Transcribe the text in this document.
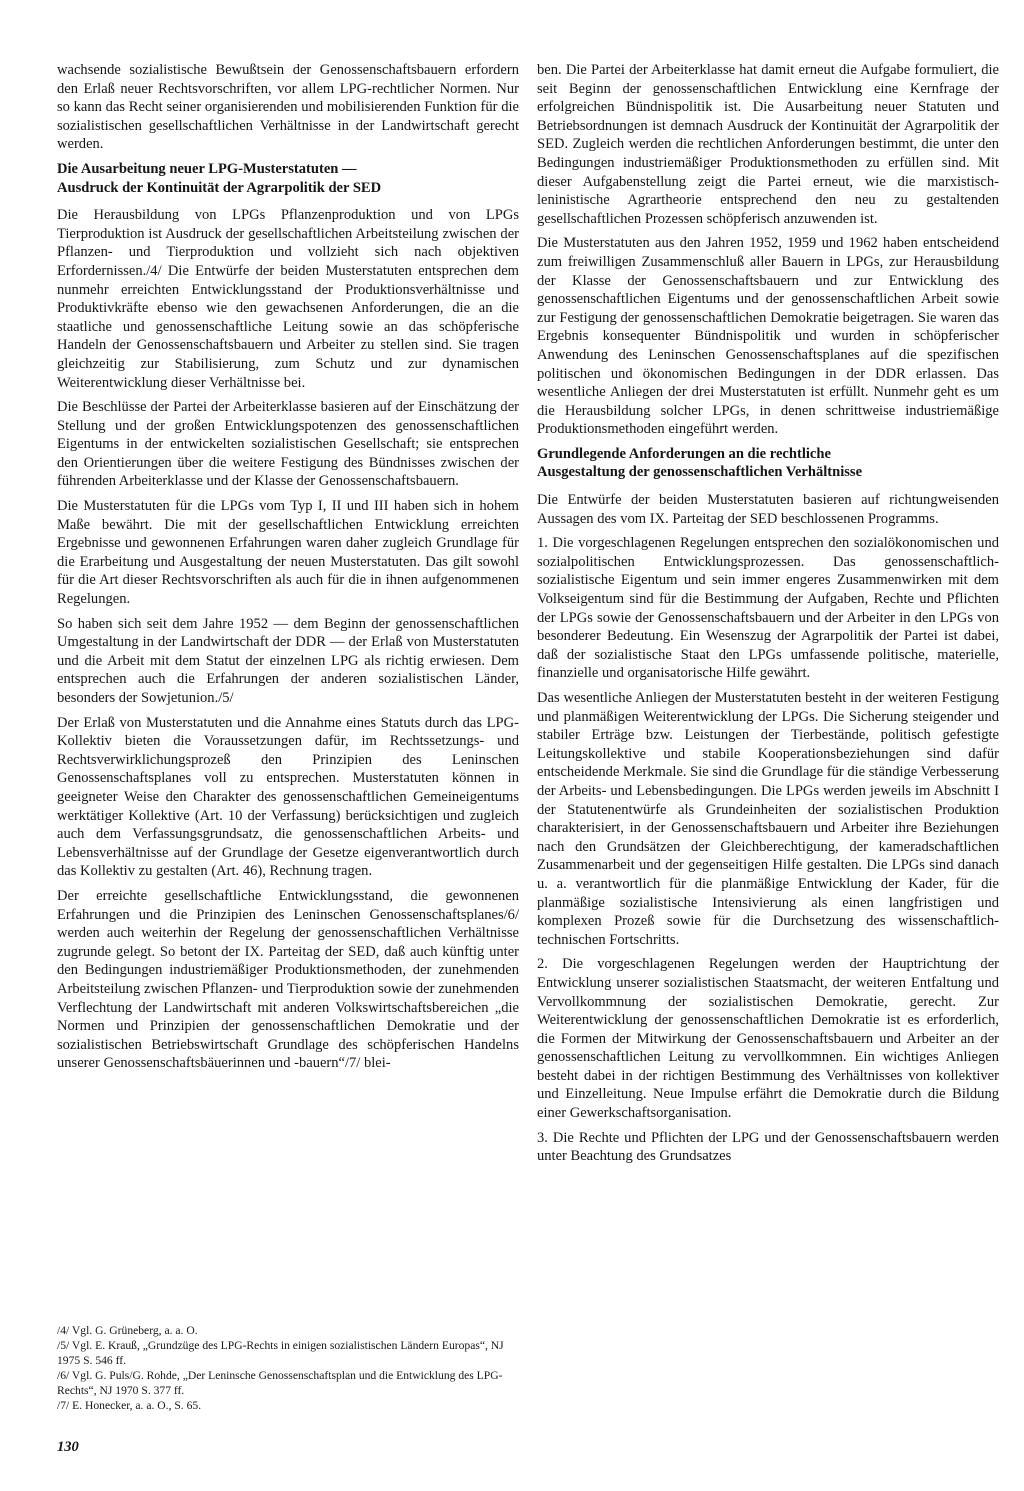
wachsende sozialistische Bewußtsein der Genossenschaftsbauern erfordern den Erlaß neuer Rechtsvorschriften, vor allem LPG-rechtlicher Normen. Nur so kann das Recht seiner organisierenden und mobilisierenden Funktion für die sozialistischen gesellschaftlichen Verhältnisse in der Landwirtschaft gerecht werden.

Die Ausarbeitung neuer LPG-Musterstatuten —
Ausdruck der Kontinuität der Agrarpolitik der SED

Die Herausbildung von LPGs Pflanzenproduktion und von LPGs Tierproduktion ist Ausdruck der gesellschaftlichen Arbeitsteilung zwischen der Pflanzen- und Tierproduktion und vollzieht sich nach objektiven Erfordernissen./4/ Die Entwürfe der beiden Musterstatuten entsprechen dem nunmehr erreichten Entwicklungsstand der Produktionsverhältnisse und Produktivkräfte ebenso wie den gewachsenen Anforderungen, die an die staatliche und genossenschaftliche Leitung sowie an das schöpferische Handeln der Genossenschaftsbauern und Arbeiter zu stellen sind. Sie tragen gleichzeitig zur Stabilisierung, zum Schutz und zur dynamischen Weiterentwicklung dieser Verhältnisse bei.

Die Beschlüsse der Partei der Arbeiterklasse basieren auf der Einschätzung der Stellung und der großen Entwicklungspotenzen des genossenschaftlichen Eigentums in der entwickelten sozialistischen Gesellschaft; sie entsprechen den Orientierungen über die weitere Festigung des Bündnisses zwischen der führenden Arbeiterklasse und der Klasse der Genossenschaftsbauern.

Die Musterstatuten für die LPGs vom Typ I, II und III haben sich in hohem Maße bewährt. Die mit der gesellschaftlichen Entwicklung erreichten Ergebnisse und gewonnenen Erfahrungen waren daher zugleich Grundlage für die Erarbeitung und Ausgestaltung der neuen Musterstatuten. Das gilt sowohl für die Art dieser Rechtsvorschriften als auch für die in ihnen aufgenommenen Regelungen.

So haben sich seit dem Jahre 1952 — dem Beginn der genossenschaftlichen Umgestaltung in der Landwirtschaft der DDR — der Erlaß von Musterstatuten und die Arbeit mit dem Statut der einzelnen LPG als richtig erwiesen. Dem entsprechen auch die Erfahrungen der anderen sozialistischen Länder, besonders der Sowjetunion./5/

Der Erlaß von Musterstatuten und die Annahme eines Statuts durch das LPG-Kollektiv bieten die Voraussetzungen dafür, im Rechtssetzungs- und Rechtsverwirklichungsprozeß den Prinzipien des Leninschen Genossenschaftsplanes voll zu entsprechen. Musterstatuten können in geeigneter Weise den Charakter des genossenschaftlichen Gemeineigentums werktätiger Kollektive (Art. 10 der Verfassung) berücksichtigen und zugleich auch dem Verfassungsgrundsatz, die genossenschaftlichen Arbeits- und Lebensverhältnisse auf der Grundlage der Gesetze eigenverantwortlich durch das Kollektiv zu gestalten (Art. 46), Rechnung tragen.

Der erreichte gesellschaftliche Entwicklungsstand, die gewonnenen Erfahrungen und die Prinzipien des Leninschen Genossenschaftsplanes/6/ werden auch weiterhin der Regelung der genossenschaftlichen Verhältnisse zugrunde gelegt. So betont der IX. Parteitag der SED, daß auch künftig unter den Bedingungen industriemäßiger Produktionsmethoden, der zunehmenden Arbeitsteilung zwischen Pflanzen- und Tierproduktion sowie der zunehmenden Verflechtung der Landwirtschaft mit anderen Volkswirtschaftsbereichen „die Normen und Prinzipien der genossenschaftlichen Demokratie und der sozialistischen Betriebswirtschaft Grundlage des schöpferischen Handelns unserer Genossenschaftsbäuerinnen und -bauern“/7/ blei-

ben. Die Partei der Arbeiterklasse hat damit erneut die Aufgabe formuliert, die seit Beginn der genossenschaftlichen Entwicklung eine Kernfrage der erfolgreichen Bündnispolitik ist. Die Ausarbeitung neuer Statuten und Betriebsordnungen ist demnach Ausdruck der Kontinuität der Agrarpolitik der SED. Zugleich werden die rechtlichen Anforderungen bestimmt, die unter den Bedingungen industriemäßiger Produktionsmethoden zu erfüllen sind. Mit dieser Aufgabenstellung zeigt die Partei erneut, wie die marxistisch-leninistische Agrartheorie entsprechend den neu zu gestaltenden gesellschaftlichen Prozessen schöpferisch anzuwenden ist.

Die Musterstatuten aus den Jahren 1952, 1959 und 1962 haben entscheidend zum freiwilligen Zusammenschluß aller Bauern in LPGs, zur Herausbildung der Klasse der Genossenschaftsbauern und zur Entwicklung des genossenschaftlichen Eigentums und der genossenschaftlichen Arbeit sowie zur Festigung der genossenschaftlichen Demokratie beigetragen. Sie waren das Ergebnis konsequenter Bündnispolitik und wurden in schöpferischer Anwendung des Leninschen Genossenschaftsplanes auf die spezifischen politischen und ökonomischen Bedingungen in der DDR erlassen. Das wesentliche Anliegen der drei Musterstatuten ist erfüllt. Nunmehr geht es um die Herausbildung solcher LPGs, in denen schrittweise industriemäßige Produktionsmethoden eingeführt werden.

Grundlegende Anforderungen an die rechtliche
Ausgestaltung der genossenschaftlichen Verhältnisse

Die Entwürfe der beiden Musterstatuten basieren auf richtungweisenden Aussagen des vom IX. Parteitag der SED beschlossenen Programms.

1. Die vorgeschlagenen Regelungen entsprechen den sozialökonomischen und sozialpolitischen Entwicklungsprozessen. Das genossenschaftlich-sozialistische Eigentum und sein immer engeres Zusammenwirken mit dem Volkseigentum sind für die Bestimmung der Aufgaben, Rechte und Pflichten der LPGs sowie der Genossenschaftsbauern und der Arbeiter in den LPGs von besonderer Bedeutung. Ein Wesenszug der Agrarpolitik der Partei ist dabei, daß der sozialistische Staat den LPGs umfassende politische, materielle, finanzielle und organisatorische Hilfe gewährt.

Das wesentliche Anliegen der Musterstatuten besteht in der weiteren Festigung und planmäßigen Weiterentwicklung der LPGs. Die Sicherung steigender und stabiler Erträge bzw. Leistungen der Tierbestände, politisch gefestigte Leitungskollektive und stabile Kooperationsbeziehungen sind dafür entscheidende Merkmale. Sie sind die Grundlage für die ständige Verbesserung der Arbeits- und Lebensbedingungen. Die LPGs werden jeweils im Abschnitt I der Statutenentwürfe als Grundeinheiten der sozialistischen Produktion charakterisiert, in der Genossenschaftsbauern und Arbeiter ihre Beziehungen nach den Grundsätzen der Gleichberechtigung, der kameradschaftlichen Zusammenarbeit und der gegenseitigen Hilfe gestalten. Die LPGs sind danach u. a. verantwortlich für die planmäßige Entwicklung der Kader, für die planmäßige sozialistische Intensivierung als einen langfristigen und komplexen Prozeß sowie für die Durchsetzung des wissenschaftlich-technischen Fortschritts.

2. Die vorgeschlagenen Regelungen werden der Hauptrichtung der Entwicklung unserer sozialistischen Staatsmacht, der weiteren Entfaltung und Vervollkommnung der sozialistischen Demokratie, gerecht. Zur Weiterentwicklung der genossenschaftlichen Demokratie ist es erforderlich, die Formen der Mitwirkung der Genossenschaftsbauern und Arbeiter an der genossenschaftlichen Leitung zu vervollkommnen. Ein wichtiges Anliegen besteht dabei in der richtigen Bestimmung des Verhältnisses von kollektiver und Einzelleitung. Neue Impulse erfährt die Demokratie durch die Bildung einer Gewerkschaftsorganisation.

3. Die Rechte und Pflichten der LPG und der Genossenschaftsbauern werden unter Beachtung des Grundsatzes

/4/ Vgl. G. Grüneberg, a. a. O.

/5/ Vgl. E. Krauß, „Grundzüge des LPG-Rechts in einigen sozialistischen Ländern Europas“, NJ 1975 S. 546 ff.

/6/ Vgl. G. Puls/G. Rohde, „Der Leninsche Genossenschaftsplan und die Entwicklung des LPG-Rechts“, NJ 1970 S. 377 ff.

/7/ E. Honecker, a. a. O., S. 65.

130
